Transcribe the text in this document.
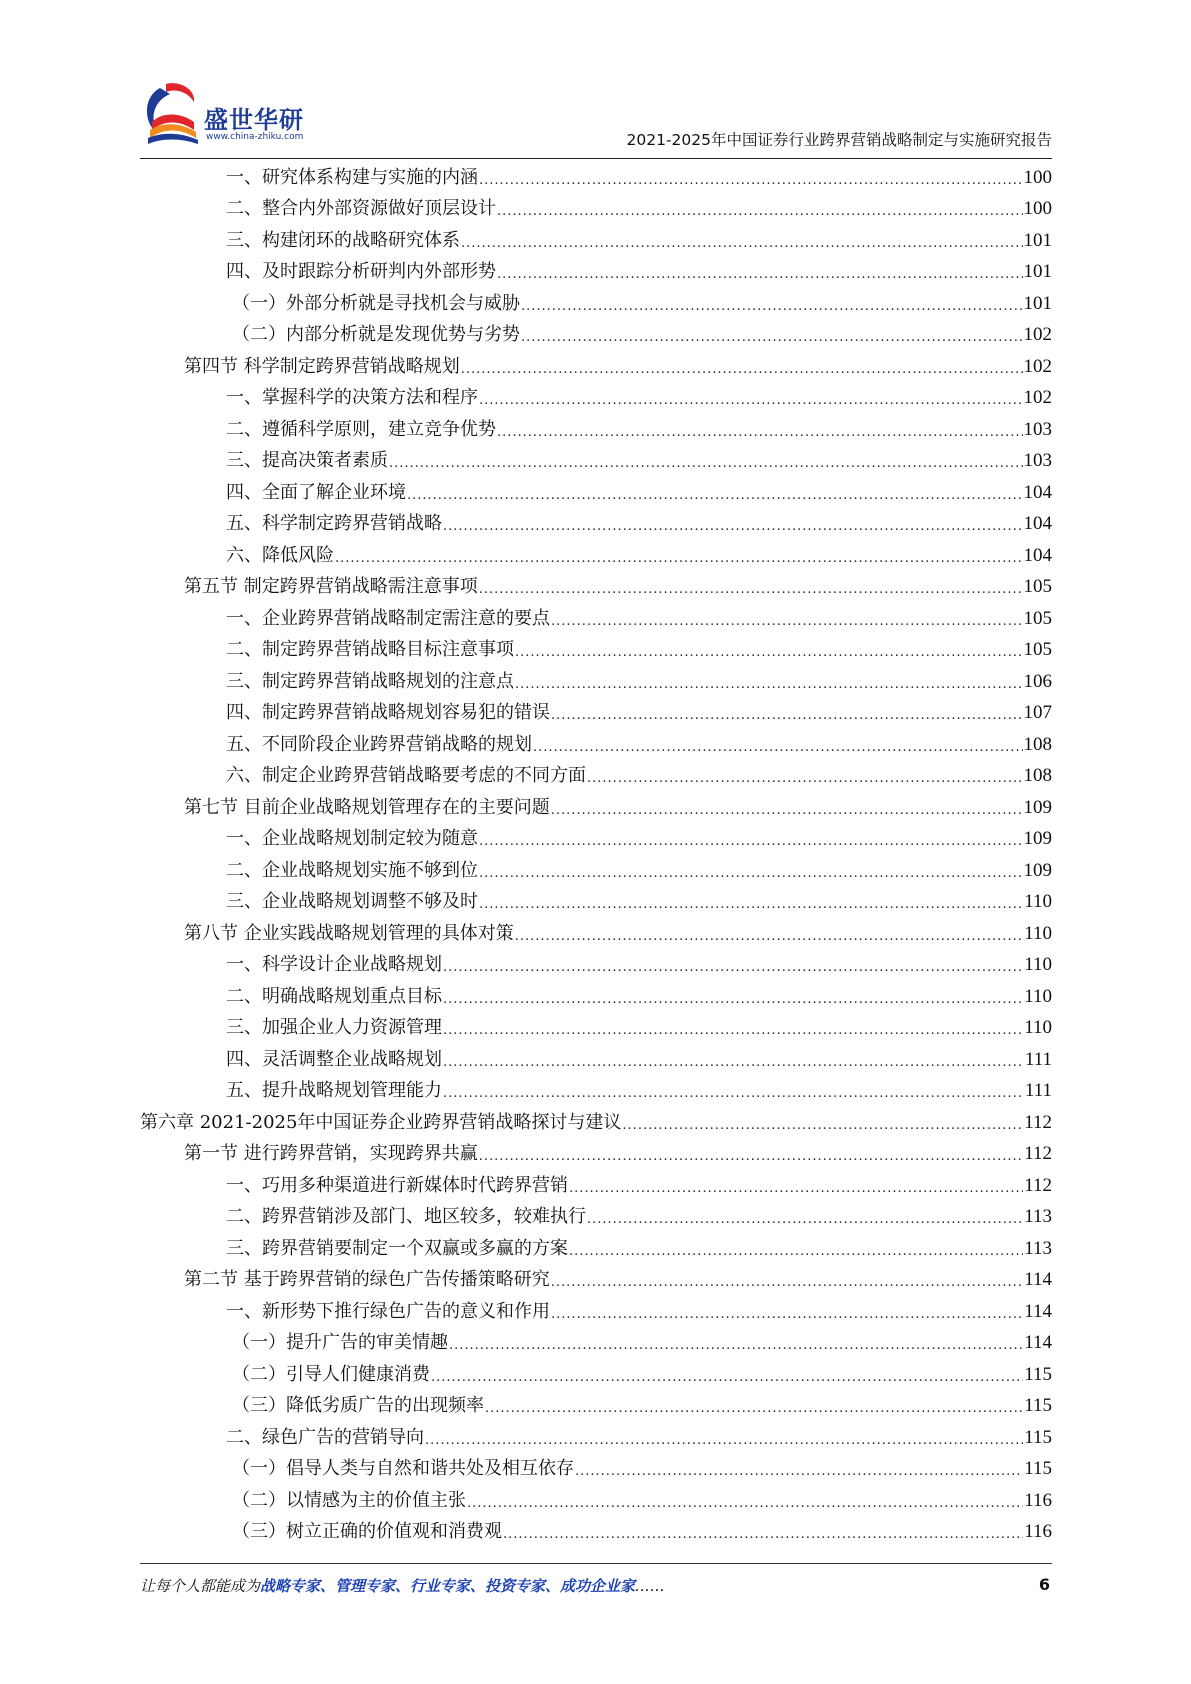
盛世华研
www.china-zhiku.com	2021-2025年中国证券行业跨界营销战略制定与实施研究报告
一、研究体系构建与实施的内涵 .....	100
二、整合内外部资源做好顶层设计 .....	100
三、构建闭环的战略研究体系 .....	101
四、及时跟踪分析研判内外部形势 .....	101
（一）外部分析就是寻找机会与威胁 .....	101
（二）内部分析就是发现优势与劣势 .....	102
第四节 科学制定跨界营销战略规划 .....	102
一、掌握科学的决策方法和程序 .....	102
二、遵循科学原则，建立竞争优势 .....	103
三、提高决策者素质 .....	103
四、全面了解企业环境 .....	104
五、科学制定跨界营销战略 .....	104
六、降低风险 .....	104
第五节 制定跨界营销战略需注意事项 .....	105
一、企业跨界营销战略制定需注意的要点 .....	105
二、制定跨界营销战略目标注意事项 .....	105
三、制定跨界营销战略规划的注意点 .....	106
四、制定跨界营销战略规划容易犯的错误 .....	107
五、不同阶段企业跨界营销战略的规划 .....	108
六、制定企业跨界营销战略要考虑的不同方面 .....	108
第七节 目前企业战略规划管理存在的主要问题 .....	109
一、企业战略规划制定较为随意 .....	109
二、企业战略规划实施不够到位 .....	109
三、企业战略规划调整不够及时 .....	110
第八节 企业实践战略规划管理的具体对策 .....	110
一、科学设计企业战略规划 .....	110
二、明确战略规划重点目标 .....	110
三、加强企业人力资源管理 .....	110
四、灵活调整企业战略规划 .....	111
五、提升战略规划管理能力 .....	111
第六章 2021-2025年中国证券企业跨界营销战略探讨与建议 .....	112
第一节 进行跨界营销，实现跨界共赢 .....	112
一、巧用多种渠道进行新媒体时代跨界营销 .....	112
二、跨界营销涉及部门、地区较多，较难执行 .....	113
三、跨界营销要制定一个双赢或多赢的方案 .....	113
第二节 基于跨界营销的绿色广告传播策略研究 .....	114
一、新形势下推行绿色广告的意义和作用 .....	114
（一）提升广告的审美情趣 .....	114
（二）引导人们健康消费 .....	115
（三）降低劣质广告的出现频率 .....	115
二、绿色广告的营销导向 .....	115
（一）倡导人类与自然和谐共处及相互依存 .....	115
（二）以情感为主的价值主张 .....	116
（三）树立正确的价值观和消费观 .....	116
让每个人都能成为战略专家、管理专家、行业专家、投资专家、成功企业家……	6
